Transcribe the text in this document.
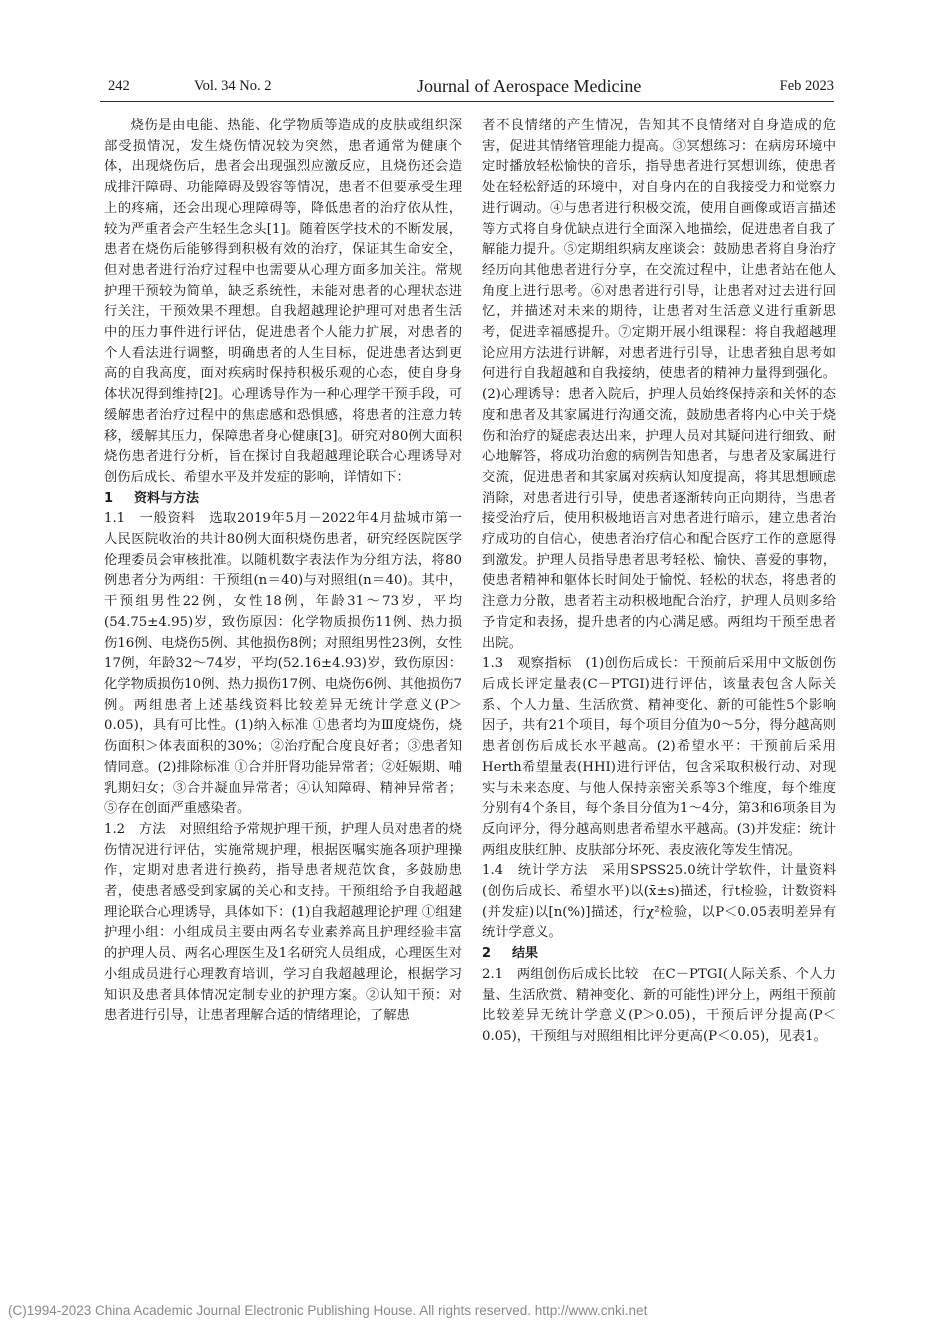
242	Vol. 34 No. 2	Journal of Aerospace Medicine	Feb 2023

烧伤是由电能、热能、化学物质等造成的皮肤或组织深部受损情况，发生烧伤情况较为突然，患者通常为健康个体，出现烧伤后，患者会出现强烈应激反应，且烧伤还会造成排汗障碍、功能障碍及毁容等情况，患者不但要承受生理上的疼痛，还会出现心理障碍等，降低患者的治疗依从性，较为严重者会产生轻生念头[1]。随着医学技术的不断发展，患者在烧伤后能够得到积极有效的治疗，保证其生命安全，但对患者进行治疗过程中也需要从心理方面多加关注。常规护理干预较为简单，缺乏系统性，未能对患者的心理状态进行关注，干预效果不理想。自我超越理论护理可对患者生活中的压力事件进行评估，促进患者个人能力扩展，对患者的个人看法进行调整，明确患者的人生目标，促进患者达到更高的自我高度，面对疾病时保持积极乐观的心态，使自身身体状况得到维持[2]。心理诱导作为一种心理学干预手段，可缓解患者治疗过程中的焦虑感和恐惧感，将患者的注意力转移，缓解其压力，保障患者身心健康[3]。研究对80例大面积烧伤患者进行分析，旨在探讨自我超越理论联合心理诱导对创伤后成长、希望水平及并发症的影响，详情如下：

1 资料与方法

1.1　一般资料　选取2019年5月－2022年4月盐城市第一人民医院收治的共计80例大面积烧伤患者，研究经医院医学伦理委员会审核批准。以随机数字表法作为分组方法，将80例患者分为两组：干预组(n＝40)与对照组(n＝40)。其中，干预组男性22例，女性18例，年龄31～73岁，平均(54.75±4.95)岁，致伤原因：化学物质损伤11例、热力损伤16例、电烧伤5例、其他损伤8例；对照组男性23例，女性17例，年龄32～74岁，平均(52.16±4.93)岁，致伤原因：化学物质损伤10例、热力损伤17例、电烧伤6例、其他损伤7例。两组患者上述基线资料比较差异无统计学意义(P＞0.05)，具有可比性。(1)纳入标准 ①患者均为Ⅲ度烧伤，烧伤面积＞体表面积的30%；②治疗配合度良好者；③患者知情同意。(2)排除标准 ①合并肝肾功能异常者；②妊娠期、哺乳期妇女；③合并凝血异常者；④认知障碍、精神异常者；⑤存在创面严重感染者。

1.2　方法　对照组给予常规护理干预，护理人员对患者的烧伤情况进行评估，实施常规护理，根据医嘱实施各项护理操作，定期对患者进行换药，指导患者规范饮食，多鼓励患者，使患者感受到家属的关心和支持。干预组给予自我超越理论联合心理诱导，具体如下：(1)自我超越理论护理 ①组建护理小组：小组成员主要由两名专业素养高且护理经验丰富的护理人员、两名心理医生及1名研究人员组成，心理医生对小组成员进行心理教育培训，学习自我超越理论，根据学习知识及患者具体情况定制专业的护理方案。②认知干预：对患者进行引导，让患者理解合适的情绪理论，了解患

者不良情绪的产生情况，告知其不良情绪对自身造成的危害，促进其情绪管理能力提高。③冥想练习：在病房环境中定时播放轻松愉快的音乐，指导患者进行冥想训练，使患者处在轻松舒适的环境中，对自身内在的自我接受力和觉察力进行调动。④与患者进行积极交流，使用自画像或语言描述等方式将自身优缺点进行全面深入地描绘，促进患者自我了解能力提升。⑤定期组织病友座谈会：鼓励患者将自身治疗经历向其他患者进行分享，在交流过程中，让患者站在他人角度上进行思考。⑥对患者进行引导，让患者对过去进行回忆，并描述对未来的期待，让患者对生活意义进行重新思考，促进幸福感提升。⑦定期开展小组课程：将自我超越理论应用方法进行讲解，对患者进行引导，让患者独自思考如何进行自我超越和自我接纳，使患者的精神力量得到强化。(2)心理诱导：患者入院后，护理人员始终保持亲和关怀的态度和患者及其家属进行沟通交流，鼓励患者将内心中关于烧伤和治疗的疑虑表达出来，护理人员对其疑问进行细致、耐心地解答，将成功治愈的病例告知患者，与患者及家属进行交流，促进患者和其家属对疾病认知度提高，将其思想顾虑消除，对患者进行引导，使患者逐渐转向正向期待，当患者接受治疗后，使用积极地语言对患者进行暗示，建立患者治疗成功的自信心，使患者治疗信心和配合医疗工作的意愿得到激发。护理人员指导患者思考轻松、愉快、喜爱的事物，使患者精神和躯体长时间处于愉悦、轻松的状态，将患者的注意力分散，患者若主动积极地配合治疗，护理人员则多给予肯定和表扬，提升患者的内心满足感。两组均干预至患者出院。

1.3　观察指标　(1)创伤后成长：干预前后采用中文版创伤后成长评定量表(C－PTGI)进行评估，该量表包含人际关系、个人力量、生活欣赏、精神变化、新的可能性5个影响因子，共有21个项目，每个项目分值为0～5分，得分越高则患者创伤后成长水平越高。(2)希望水平：干预前后采用Herth希望量表(HHI)进行评估，包含采取积极行动、对现实与未来态度、与他人保持亲密关系等3个维度，每个维度分别有4个条目，每个条目分值为1～4分，第3和6项条目为反向评分，得分越高则患者希望水平越高。(3)并发症：统计两组皮肤红肿、皮肤部分坏死、表皮液化等发生情况。

1.4　统计学方法　采用SPSS25.0统计学软件，计量资料(创伤后成长、希望水平)以(x̄±s)描述，行t检验，计数资料(并发症)以[n(%)]描述，行χ²检验，以P＜0.05表明差异有统计学意义。

2 结果

2.1　两组创伤后成长比较　在C－PTGI(人际关系、个人力量、生活欣赏、精神变化、新的可能性)评分上，两组干预前比较差异无统计学意义(P＞0.05)，干预后评分提高(P＜0.05)，干预组与对照组相比评分更高(P＜0.05)，见表1。

(C)1994-2023 China Academic Journal Electronic Publishing House. All rights reserved. http://www.cnki.net
